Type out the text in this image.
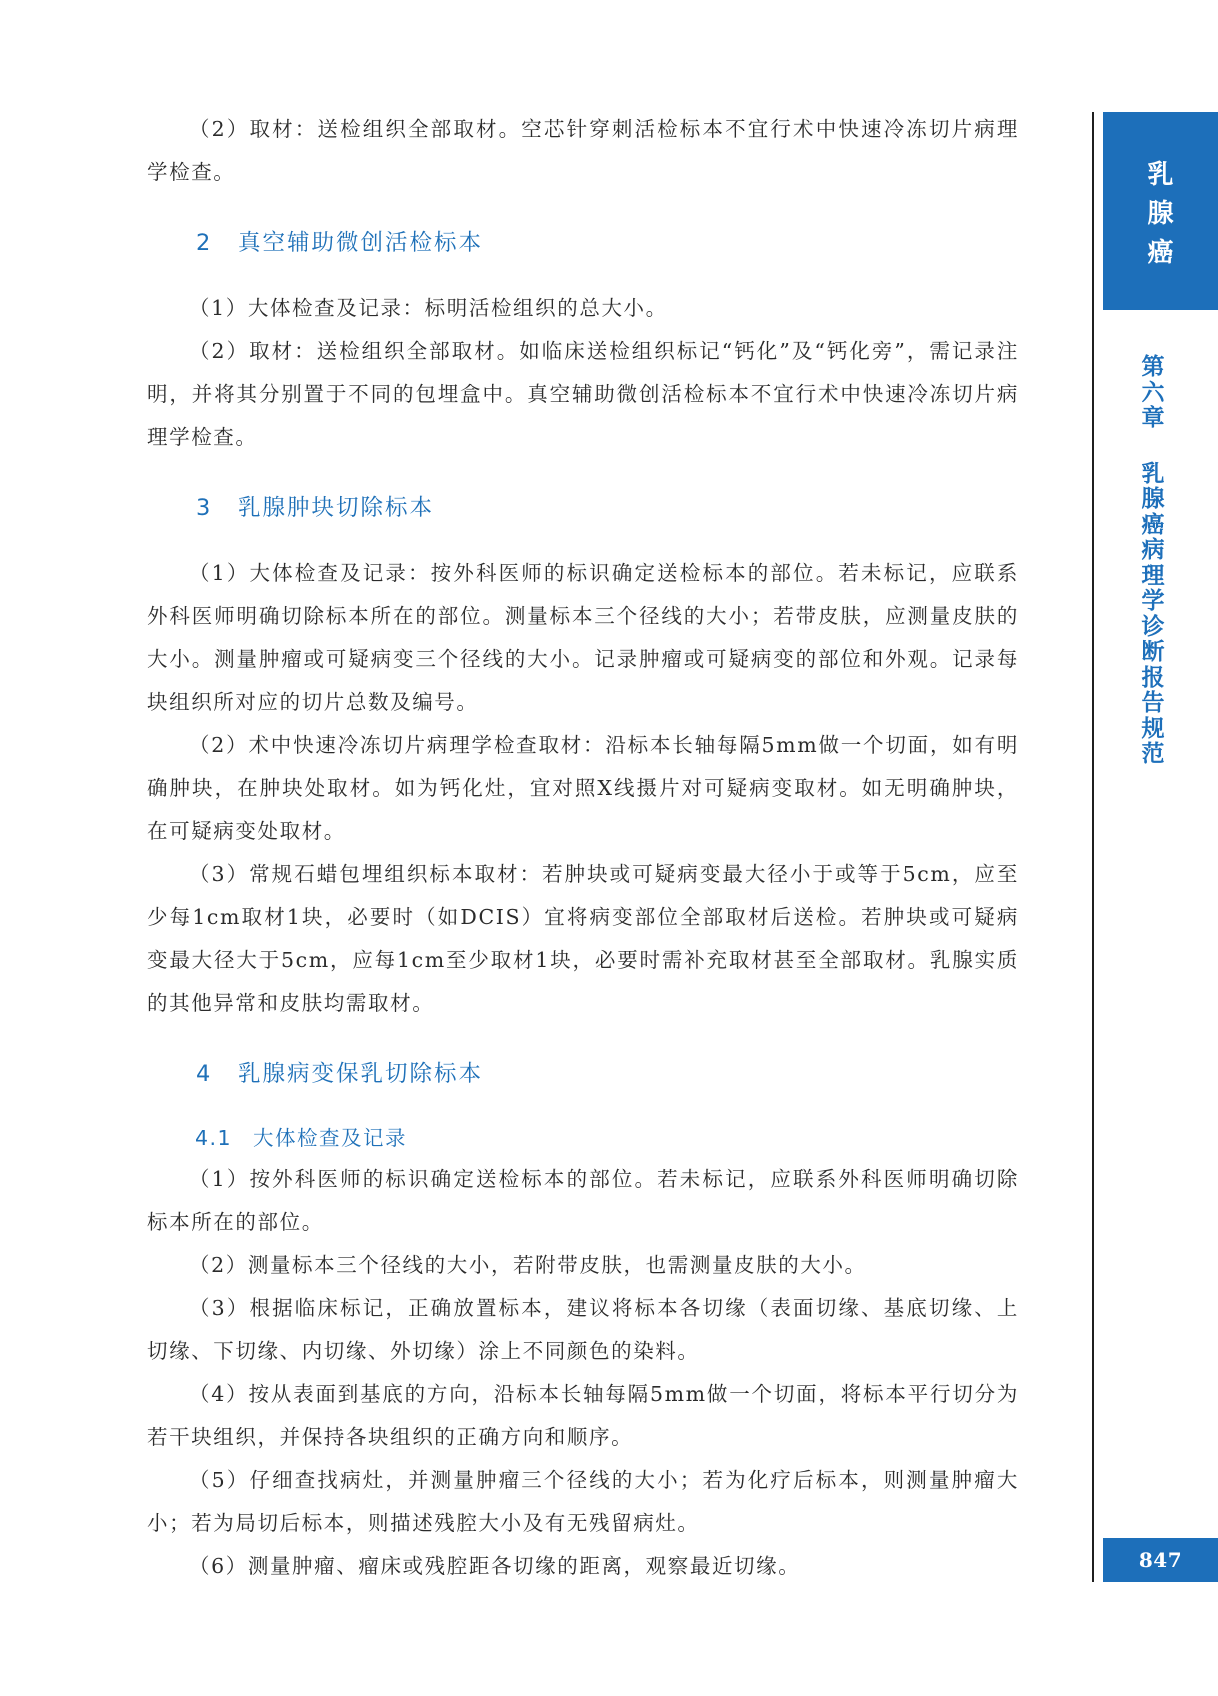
（2）取材：送检组织全部取材。空芯针穿刺活检标本不宜行术中快速冷冻切片病理学检查。

2 真空辅助微创活检标本

（1）大体检查及记录：标明活检组织的总大小。

（2）取材：送检组织全部取材。如临床送检组织标记“钙化”及“钙化旁”，需记录注明，并将其分别置于不同的包埋盒中。真空辅助微创活检标本不宜行术中快速冷冻切片病理学检查。

3 乳腺肿块切除标本

（1）大体检查及记录：按外科医师的标识确定送检标本的部位。若未标记，应联系外科医师明确切除标本所在的部位。测量标本三个径线的大小；若带皮肤，应测量皮肤的大小。测量肿瘤或可疑病变三个径线的大小。记录肿瘤或可疑病变的部位和外观。记录每块组织所对应的切片总数及编号。

（2）术中快速冷冻切片病理学检查取材：沿标本长轴每隔5mm做一个切面，如有明确肿块，在肿块处取材。如为钙化灶，宜对照X线摄片对可疑病变取材。如无明确肿块，在可疑病变处取材。

（3）常规石蜡包埋组织标本取材：若肿块或可疑病变最大径小于或等于5cm，应至少每1cm取材1块，必要时（如DCIS）宜将病变部位全部取材后送检。若肿块或可疑病变最大径大于5cm，应每1cm至少取材1块，必要时需补充取材甚至全部取材。乳腺实质的其他异常和皮肤均需取材。

4 乳腺病变保乳切除标本
4.1 大体检查及记录

（1）按外科医师的标识确定送检标本的部位。若未标记，应联系外科医师明确切除标本所在的部位。

（2）测量标本三个径线的大小，若附带皮肤，也需测量皮肤的大小。

（3）根据临床标记，正确放置标本，建议将标本各切缘（表面切缘、基底切缘、上切缘、下切缘、内切缘、外切缘）涂上不同颜色的染料。

（4）按从表面到基底的方向，沿标本长轴每隔5mm做一个切面，将标本平行切分为若干块组织，并保持各块组织的正确方向和顺序。

（5）仔细查找病灶，并测量肿瘤三个径线的大小；若为化疗后标本，则测量肿瘤大小；若为局切后标本，则描述残腔大小及有无残留病灶。

（6）测量肿瘤、瘤床或残腔距各切缘的距离，观察最近切缘。

乳腺癌
第六章
乳腺癌病理学诊断报告规范
847
